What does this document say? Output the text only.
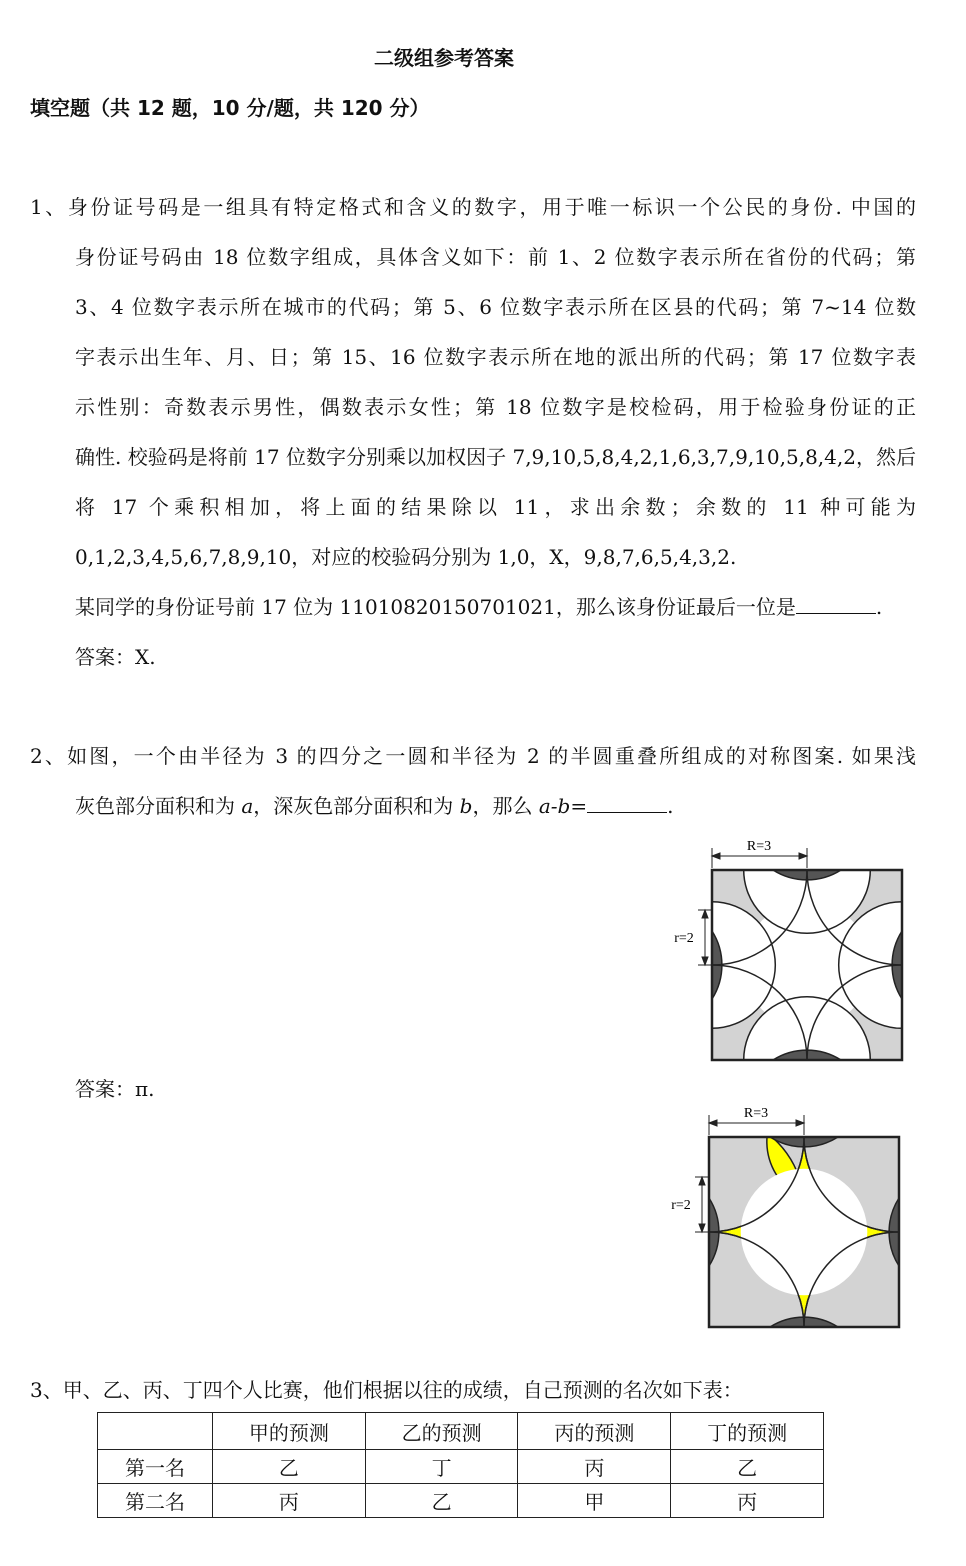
二级组参考答案
填空题（共 12 题，10 分/题，共 120 分）
1、身份证号码是一组具有特定格式和含义的数字，用于唯一标识一个公民的身份. 中国的
身份证号码由 18 位数字组成，具体含义如下：前 1、2 位数字表示所在省份的代码；第
3、4 位数字表示所在城市的代码；第 5、6 位数字表示所在区县的代码；第 7~14 位数
字表示出生年、月、日；第 15、16 位数字表示所在地的派出所的代码；第 17 位数字表
示性别：奇数表示男性，偶数表示女性；第 18 位数字是校检码，用于检验身份证的正
确性. 校验码是将前 17 位数字分别乘以加权因子 7,9,10,5,8,4,2,1,6,3,7,9,10,5,8,4,2，然后
将 17 个乘积相加，将上面的结果除以 11，求出余数；余数的 11 种可能为
0,1,2,3,4,5,6,7,8,9,10，对应的校验码分别为 1,0，X，9,8,7,6,5,4,3,2.
某同学的身份证号前 17 位为 11010820150701021，那么该身份证最后一位是	.
答案：X.
2、如图，一个由半径为 3 的四分之一圆和半径为 2 的半圆重叠所组成的对称图案. 如果浅
灰色部分面积和为 a，深灰色部分面积和为 b，那么 a-b=	.
答案：π.
R=3
r=2
R=3
r=2
3、甲、乙、丙、丁四个人比赛，他们根据以往的成绩，自己预测的名次如下表：
	甲的预测	乙的预测	丙的预测	丁的预测
第一名	乙	丁	丙	乙
第二名	丙	乙	甲	丙
